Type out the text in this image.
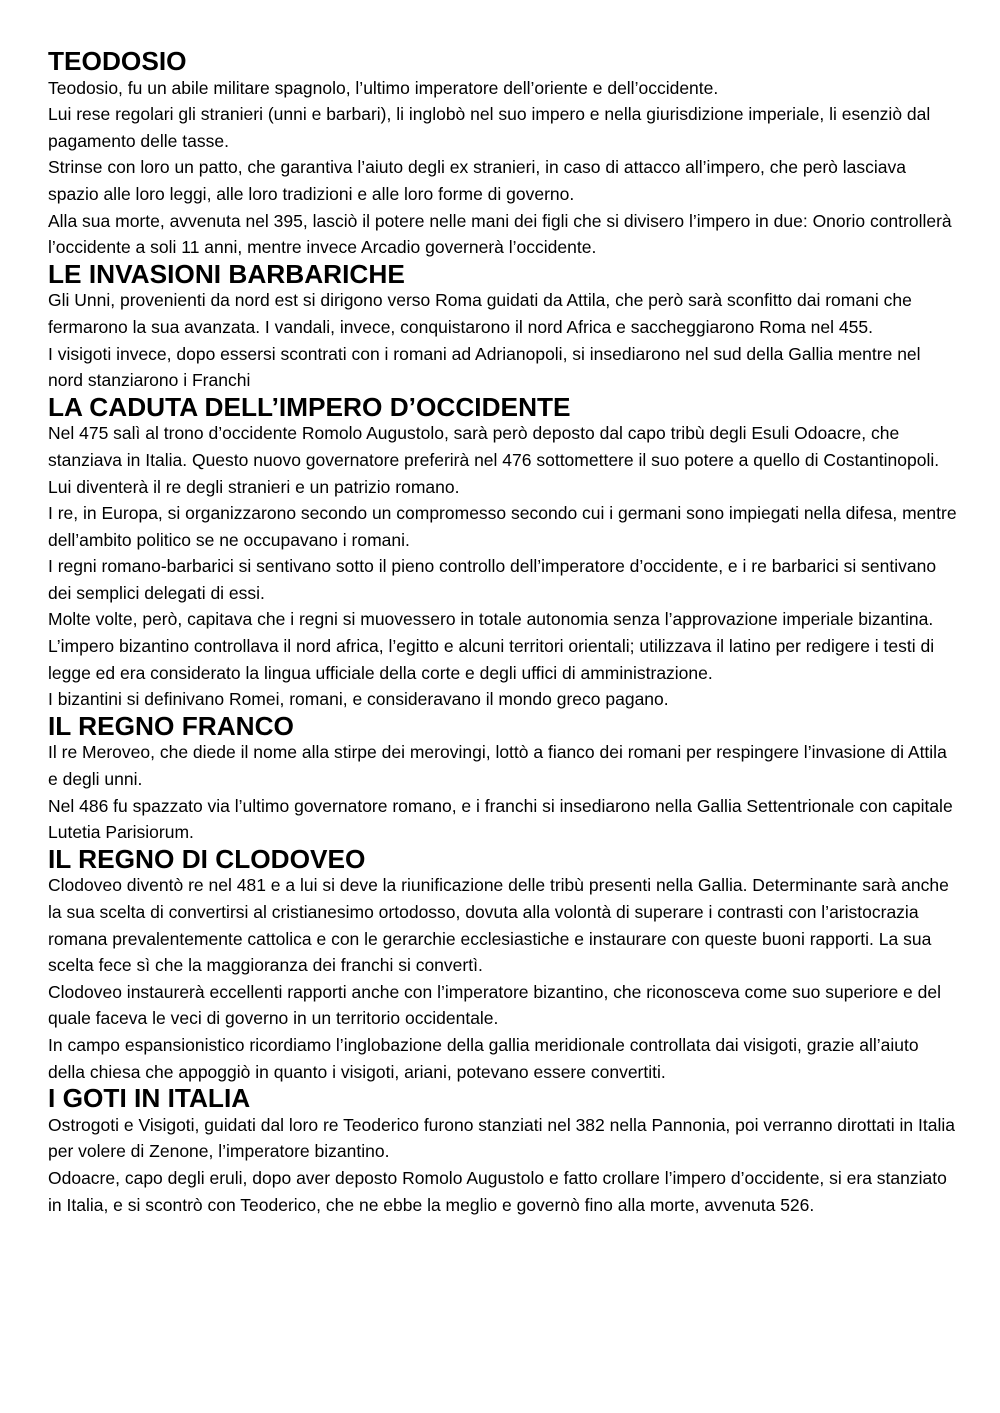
TEODOSIO

Teodosio, fu un abile militare spagnolo, l’ultimo imperatore dell’oriente e dell’occidente.

Lui rese regolari gli stranieri (unni e barbari), li inglobò nel suo impero e nella giurisdizione imperiale, li esenziò dal pagamento delle tasse.

Strinse con loro un patto, che garantiva l’aiuto degli ex stranieri, in caso di attacco all’impero, che però lasciava spazio alle loro leggi, alle loro tradizioni e alle loro forme di governo.

Alla sua morte, avvenuta nel 395, lasciò il potere nelle mani dei figli che si divisero l’impero in due: Onorio controllerà l’occidente a soli 11 anni, mentre invece Arcadio governerà l’occidente.

LE INVASIONI BARBARICHE

Gli Unni, provenienti da nord est si dirigono verso Roma guidati da Attila, che però sarà sconfitto dai romani che fermarono la sua avanzata. I vandali, invece, conquistarono il nord Africa e saccheggiarono Roma nel 455.

I visigoti invece, dopo essersi scontrati con i romani ad Adrianopoli, si insediarono nel sud della Gallia mentre nel nord stanziarono i Franchi

LA CADUTA DELL’IMPERO D’OCCIDENTE

Nel 475 salì al trono d’occidente Romolo Augustolo, sarà però deposto dal capo tribù degli Esuli Odoacre, che stanziava in Italia. Questo nuovo governatore preferirà nel 476 sottomettere il suo potere a quello di Costantinopoli. Lui diventerà il re degli stranieri e un patrizio romano.

I re, in Europa, si organizzarono secondo un compromesso secondo cui i germani sono impiegati nella difesa, mentre dell’ambito politico se ne occupavano i romani.

I regni romano-barbarici si sentivano sotto il pieno controllo dell’imperatore d’occidente, e i re barbarici si sentivano dei semplici delegati di essi.

Molte volte, però, capitava che i regni si muovessero in totale autonomia senza l’approvazione imperiale bizantina.

L’impero bizantino controllava il nord africa, l’egitto e alcuni territori orientali; utilizzava il latino per redigere i testi di legge ed era considerato la lingua ufficiale della corte e degli uffici di amministrazione.

I bizantini si definivano Romei, romani, e consideravano il mondo greco pagano.

IL REGNO FRANCO

Il re Meroveo, che diede il nome alla stirpe dei merovingi, lottò a fianco dei romani per respingere l’invasione di Attila e degli unni.

Nel 486 fu spazzato via l’ultimo governatore romano, e i franchi si insediarono nella Gallia Settentrionale con capitale Lutetia Parisiorum.

IL REGNO DI CLODOVEO

Clodoveo diventò re nel 481 e a lui si deve la riunificazione delle tribù presenti nella Gallia. Determinante sarà anche la sua scelta di convertirsi al cristianesimo ortodosso, dovuta alla volontà di superare i contrasti con l’aristocrazia romana prevalentemente cattolica e con le gerarchie ecclesiastiche e instaurare con queste buoni rapporti. La sua scelta fece sì che la maggioranza dei franchi si convertì.

Clodoveo instaurerà eccellenti rapporti anche con l’imperatore bizantino, che riconosceva come suo superiore e del quale faceva le veci di governo in un territorio occidentale.

In campo espansionistico ricordiamo l’inglobazione della gallia meridionale controllata dai visigoti, grazie all’aiuto della chiesa che appoggiò in quanto i visigoti, ariani, potevano essere convertiti.

I GOTI IN ITALIA

Ostrogoti e Visigoti, guidati dal loro re Teoderico furono stanziati nel 382 nella Pannonia, poi verranno dirottati in Italia per volere di Zenone, l’imperatore bizantino.

Odoacre, capo degli eruli, dopo aver deposto Romolo Augustolo e fatto crollare l’impero d’occidente, si era stanziato in Italia, e si scontrò con Teoderico, che ne ebbe la meglio e governò fino alla morte, avvenuta 526.
